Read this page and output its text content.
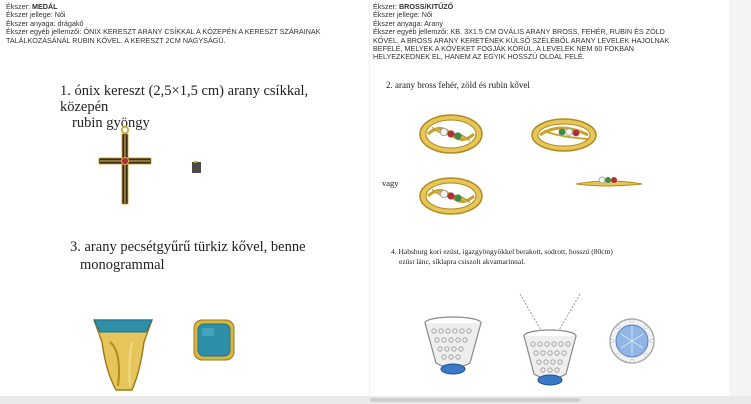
Ékszer: MEDÁL
Ékszer jellege: Női
Ékszer anyaga: drágakő
Ékszer egyéb jellemzői: ÓNIX KERESZT ARANY CSÍKKAL A KÖZEPÉN A KERESZT SZÁRAINAK TALÁLKOZÁSÁNÁL RUBIN KŐVEL. A KERESZT 2CM NAGYSÁGÚ.
Ékszer: BROSS/KITŰZŐ
Ékszer jellege: Női
Ékszer anyaga: Arany
Ékszer egyéb jellemzői: KB. 3X1.5 CM OVÁLIS ARANY BROSS, FEHÉR, RUBIN ÉS ZÖLD KŐVEL. A BROSS ARANY KERETÉNEK KÜLSŐ SZÉLÉBŐL ARANY LEVELEK HAJOLNAK BEFELÉ, MELYEK A KÖVEKET FOGJÁK KÖRÜL. A LEVELEK NEM 60 FOKBAN HELYEZKEDNEK EL, HANEM AZ EGYIK HOSSZÚ OLDAL FELÉ.
1. ónix kereszt (2,5×1,5 cm) arany csíkkal, közepén
rubin gyöngy
2. arany bross fehér, zöld és rubin kővel
vagy
3. arany pecsétgyűrű türkiz kővel, benne
monogrammal
4. Habsburg kori ezüst, igazgyöngyökkel berakott, sodrott, hosszú (80cm)
ezüst lánc, síklapra csiszolt akvamarinnal.
